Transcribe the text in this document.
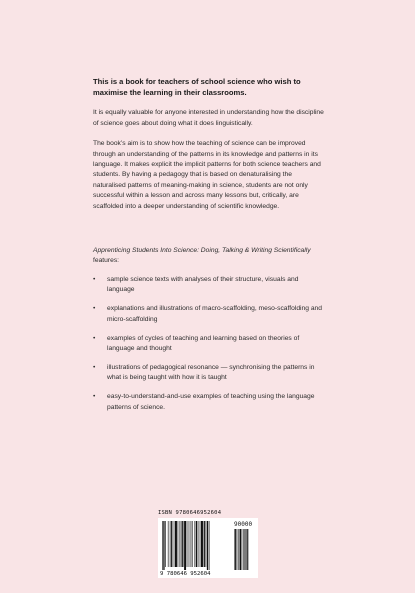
This is a book for teachers of school science who wish to maximise the learning in their classrooms.

It is equally valuable for anyone interested in understanding how the discipline of science goes about doing what it does linguistically.

The book’s aim is to show how the teaching of science can be improved through an understanding of the patterns in its knowledge and patterns in its language. It makes explicit the implicit patterns for both science teachers and students. By having a pedagogy that is based on denaturalising the naturalised patterns of meaning-making in science, students are not only successful within a lesson and across many lessons but, critically, are scaffolded into a deeper understanding of scientific knowledge.

Apprenticing Students Into Science: Doing, Talking & Writing Scientifically features:

• sample science texts with analyses of their structure, visuals and language
• explanations and illustrations of macro-scaffolding, meso-scaffolding and micro-scaffolding
• examples of cycles of teaching and learning based on theories of language and thought
• illustrations of pedagogical resonance — synchronising the patterns in what is being taught with how it is taught
• easy-to-understand-and-use examples of teaching using the language patterns of science.
ISBN 9780646952604
90000
9 780646 952604
